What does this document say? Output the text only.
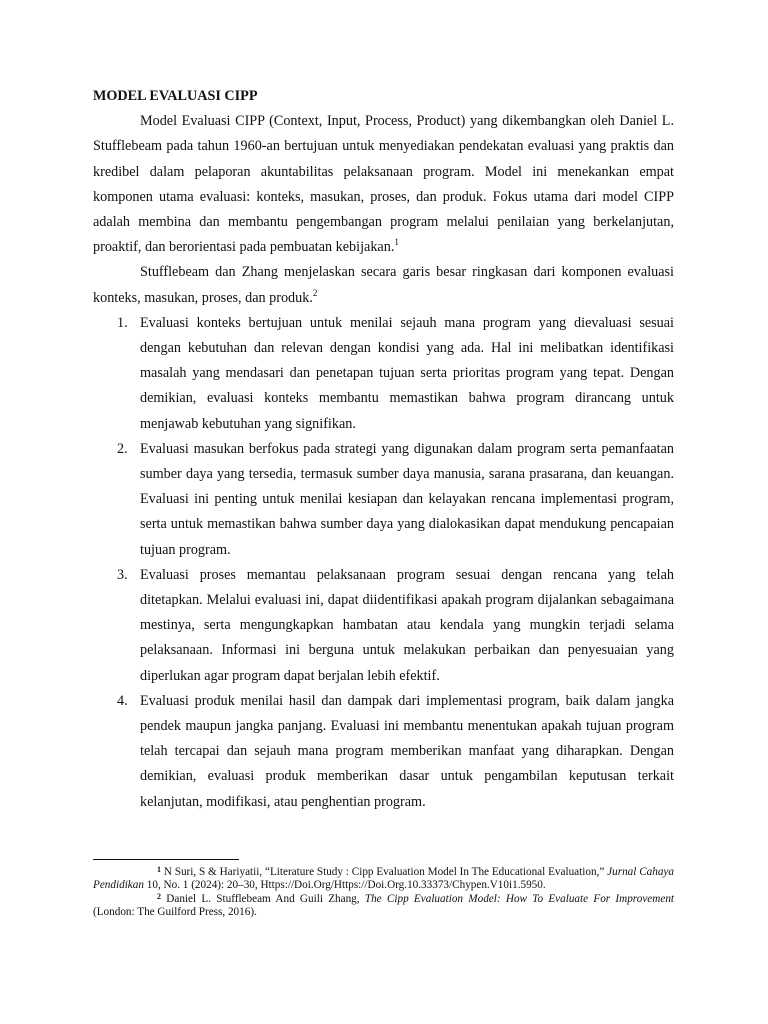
MODEL EVALUASI CIPP

Model Evaluasi CIPP (Context, Input, Process, Product) yang dikembangkan oleh Daniel L. Stufflebeam pada tahun 1960-an bertujuan untuk menyediakan pendekatan evaluasi yang praktis dan kredibel dalam pelaporan akuntabilitas pelaksanaan program. Model ini menekankan empat komponen utama evaluasi: konteks, masukan, proses, dan produk. Fokus utama dari model CIPP adalah membina dan membantu pengembangan program melalui penilaian yang berkelanjutan, proaktif, dan berorientasi pada pembuatan kebijakan.$^1$

Stufflebeam dan Zhang menjelaskan secara garis besar ringkasan dari komponen evaluasi konteks, masukan, proses, dan produk.$^2$

1. Evaluasi konteks bertujuan untuk menilai sejauh mana program yang dievaluasi sesuai dengan kebutuhan dan relevan dengan kondisi yang ada. Hal ini melibatkan identifikasi masalah yang mendasari dan penetapan tujuan serta prioritas program yang tepat. Dengan demikian, evaluasi konteks membantu memastikan bahwa program dirancang untuk menjawab kebutuhan yang signifikan.
2. Evaluasi masukan berfokus pada strategi yang digunakan dalam program serta pemanfaatan sumber daya yang tersedia, termasuk sumber daya manusia, sarana prasarana, dan keuangan. Evaluasi ini penting untuk menilai kesiapan dan kelayakan rencana implementasi program, serta untuk memastikan bahwa sumber daya yang dialokasikan dapat mendukung pencapaian tujuan program.
3. Evaluasi proses memantau pelaksanaan program sesuai dengan rencana yang telah ditetapkan. Melalui evaluasi ini, dapat diidentifikasi apakah program dijalankan sebagaimana mestinya, serta mengungkapkan hambatan atau kendala yang mungkin terjadi selama pelaksanaan. Informasi ini berguna untuk melakukan perbaikan dan penyesuaian yang diperlukan agar program dapat berjalan lebih efektif.
4. Evaluasi produk menilai hasil dan dampak dari implementasi program, baik dalam jangka pendek maupun jangka panjang. Evaluasi ini membantu menentukan apakah tujuan program telah tercapai dan sejauh mana program memberikan manfaat yang diharapkan. Dengan demikian, evaluasi produk memberikan dasar untuk pengambilan keputusan terkait kelanjutan, modifikasi, atau penghentian program.

$^1$ N Suri, S & Hariyatii, “Literature Study : Cipp Evaluation Model In The Educational Evaluation,” Jurnal Cahaya Pendidikan 10, No. 1 (2024): 20–30, Https://Doi.Org/Https://Doi.Org.10.33373/Chypen.V10i1.5950.

$^2$ Daniel L. Stufflebeam And Guili Zhang, The Cipp Evaluation Model: How To Evaluate For Improvement (London: The Guilford Press, 2016).
